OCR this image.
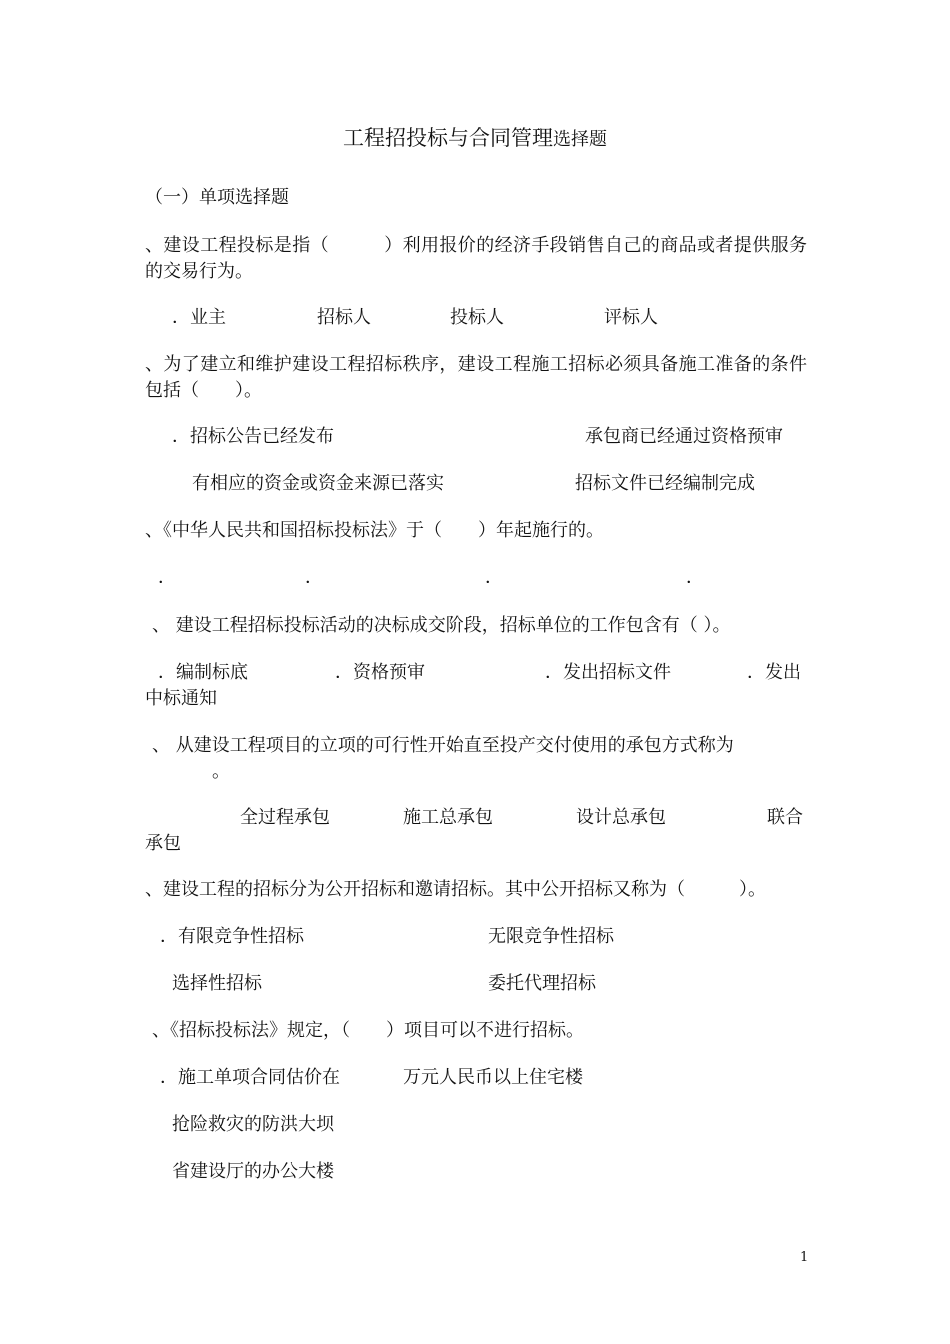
工程招投标与合同管理选择题
（一）单项选择题
、建设工程投标是指（　　　）利用报价的经济手段销售自己的商品或者提供服务的交易行为。
．业主	招标人	投标人	评标人
、为了建立和维护建设工程招标秩序，建设工程施工招标必须具备施工准备的条件包括（　　）。
．招标公告已经发布	承包商已经通过资格预审
有相应的资金或资金来源已落实	招标文件已经编制完成
、《中华人民共和国招标投标法》于（　　）年起施行的。
．	．	．	．
、 建设工程招标投标活动的决标成交阶段，招标单位的工作包含有（ ）。
．编制标底	．资格预审	．发出招标文件	．发出
中标通知
、 从建设工程项目的立项的可行性开始直至投产交付使用的承包方式称为
。
全过程承包	施工总承包	设计总承包	联合
承包
、建设工程的招标分为公开招标和邀请招标。其中公开招标又称为（　　　）。
．有限竞争性招标	无限竞争性招标
选择性招标	委托代理招标
、《招标投标法》规定，（　　）项目可以不进行招标。
．施工单项合同估价在	万元人民币以上住宅楼
抢险救灾的防洪大坝
省建设厅的办公大楼
1
